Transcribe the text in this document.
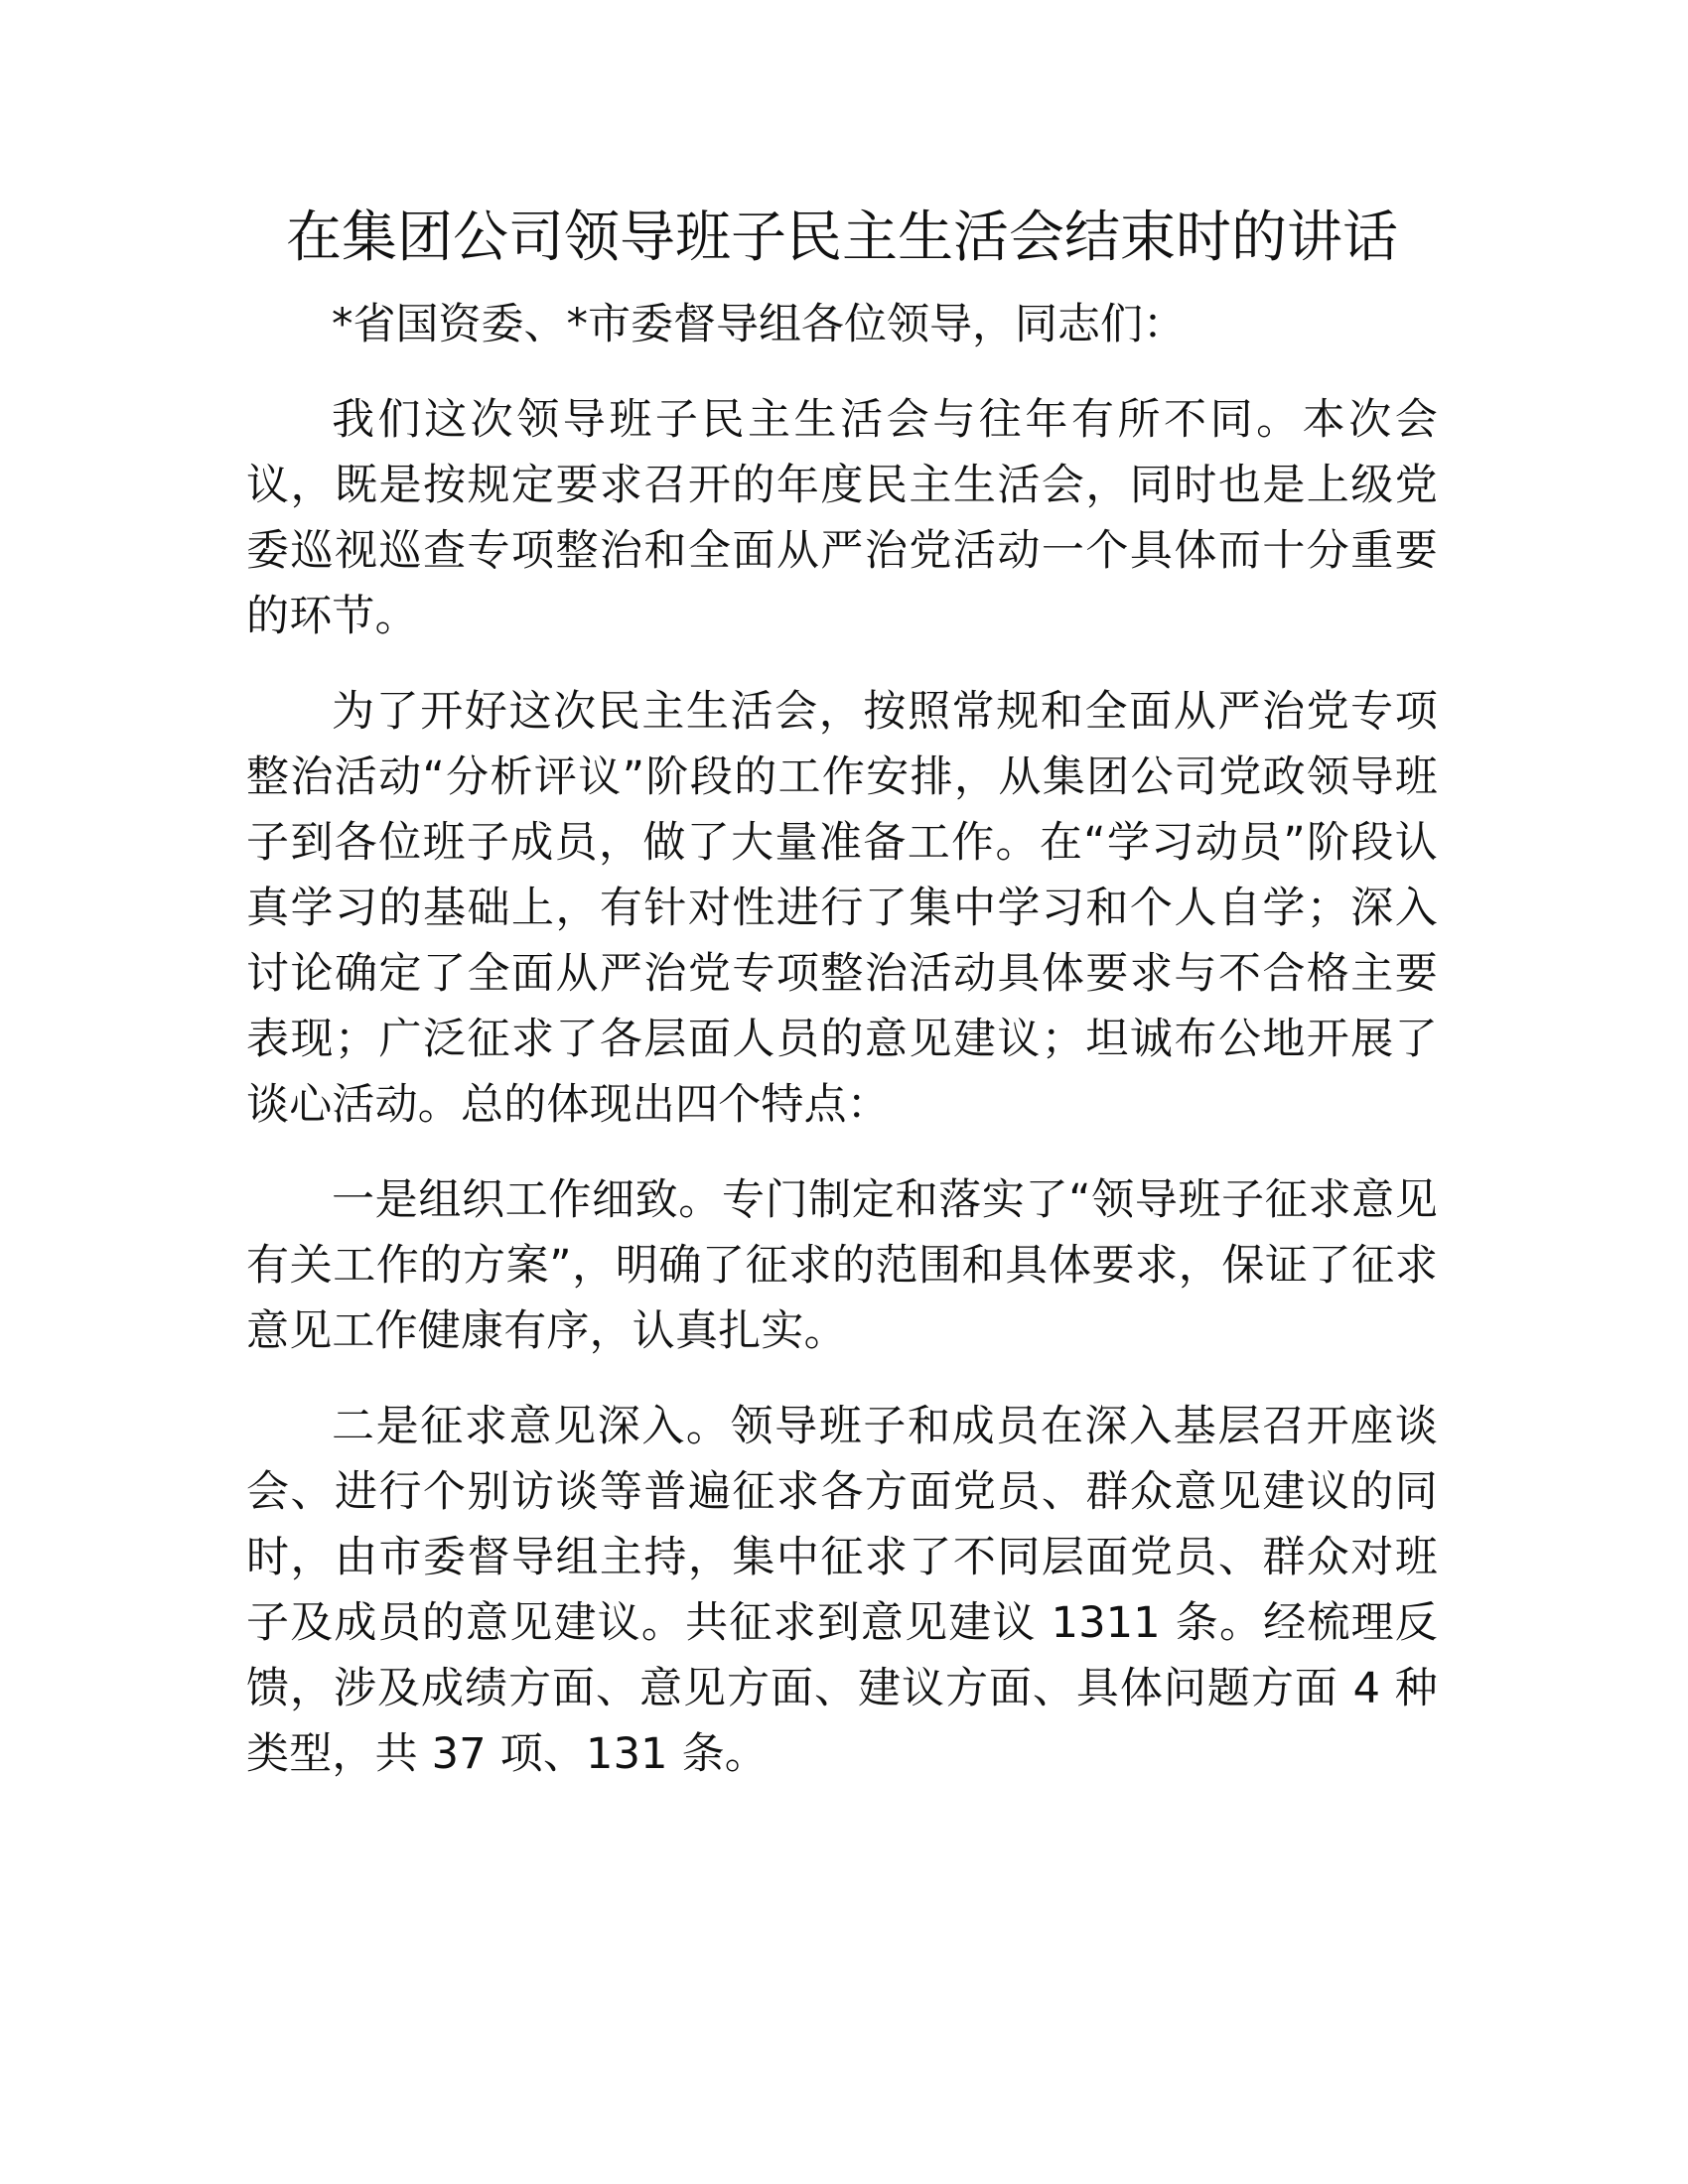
在集团公司领导班子民主生活会结束时的讲话

*省国资委、*市委督导组各位领导，同志们：

我们这次领导班子民主生活会与往年有所不同。本次会议，既是按规定要求召开的年度民主生活会，同时也是上级党委巡视巡查专项整治和全面从严治党活动一个具体而十分重要的环节。

为了开好这次民主生活会，按照常规和全面从严治党专项整治活动“分析评议”阶段的工作安排，从集团公司党政领导班子到各位班子成员，做了大量准备工作。在“学习动员”阶段认真学习的基础上，有针对性进行了集中学习和个人自学；深入讨论确定了全面从严治党专项整治活动具体要求与不合格主要表现；广泛征求了各层面人员的意见建议；坦诚布公地开展了谈心活动。总的体现出四个特点：

一是组织工作细致。专门制定和落实了“领导班子征求意见有关工作的方案”，明确了征求的范围和具体要求，保证了征求意见工作健康有序，认真扎实。

二是征求意见深入。领导班子和成员在深入基层召开座谈会、进行个别访谈等普遍征求各方面党员、群众意见建议的同时，由市委督导组主持，集中征求了不同层面党员、群众对班子及成员的意见建议。共征求到意见建议 1311 条。经梳理反馈，涉及成绩方面、意见方面、建议方面、具体问题方面 4 种类型，共 37 项、131 条。
